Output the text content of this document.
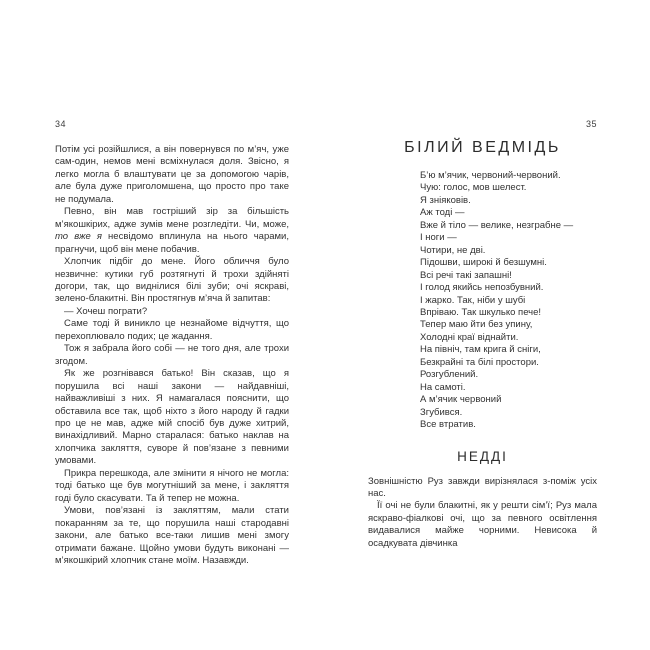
34

Потім усі розійшлися, а він повернувся по м’яч, уже сам-один, немов мені всміхнулася доля. Звісно, я легко могла б влаштувати це за допомогою чарів, але була дуже приголомшена, що просто про таке не подумала.

Певно, він мав гостріший зір за більшість м’якошкірих, адже зумів мене розгледіти. Чи, може, то вже я несвідомо вплинула на нього чарами, прагнучи, щоб він мене побачив.

Хлопчик підбіг до мене. Його обличчя було незвичне: кутики губ розтягнуті й трохи здійняті догори, так, що виднілися білі зуби; очі яскраві, зелено-блакитні. Він простягнув м’яча й запитав:

— Хочеш пограти?

Саме тоді й виникло це незнайоме відчуття, що перехоплювало подих; це жадання.

Тож я забрала його собі — не того дня, але трохи згодом.

Як же розгнівався батько! Він сказав, що я порушила всі наші закони — найдавніші, найважливіші з них. Я намагалася пояснити, що обставила все так, щоб ніхто з його народу й гадки про це не мав, адже мій спосіб був дуже хитрий, винахідливий. Марно старалася: батько наклав на хлопчика закляття, суворе й пов’язане з певними умовами.

Прикра перешкода, але змінити я нічого не могла: тоді батько ще був могутніший за мене, і закляття годі було скасувати. Та й тепер не можна.

Умови, пов’язані із закляттям, мали стати покаранням за те, що порушила наші стародавні закони, але батько все-таки лишив мені змогу отримати бажане. Щойно умови будуть виконані — м’якошкірий хлопчик стане моїм. Назавжди.

35
БІЛИЙ ВЕДМІДЬ
Б’ю м’ячик, червоний-червоний.
Чую: голос, мов шелест.
Я зніяковів.
Аж тоді —
Вже й тіло — велике, незграбне —
І ноги —
Чотири, не дві.
Підошви, широкі й безшумні.
Всі речі такі запашні!
І голод якийсь непозбувний.
І жарко. Так, ніби у шубі
Впріваю. Так шкулько пече!
Тепер маю йти без упину,
Холодні краї віднайти.
На північ, там крига й сніги,
Безкрайні та білі простори.
Розгублений.
На самоті.
А м’ячик червоний
Згубився.
Все втратив.
НЕДДІ

Зовнішністю Руз завжди вирізнялася з-поміж усіх нас.

Її очі не були блакитні, як у решти сім’ї; Руз мала яскраво-фіалкові очі, що за певного освітлення видавалися майже чорними. Невисока й осадкувата дівчинка
